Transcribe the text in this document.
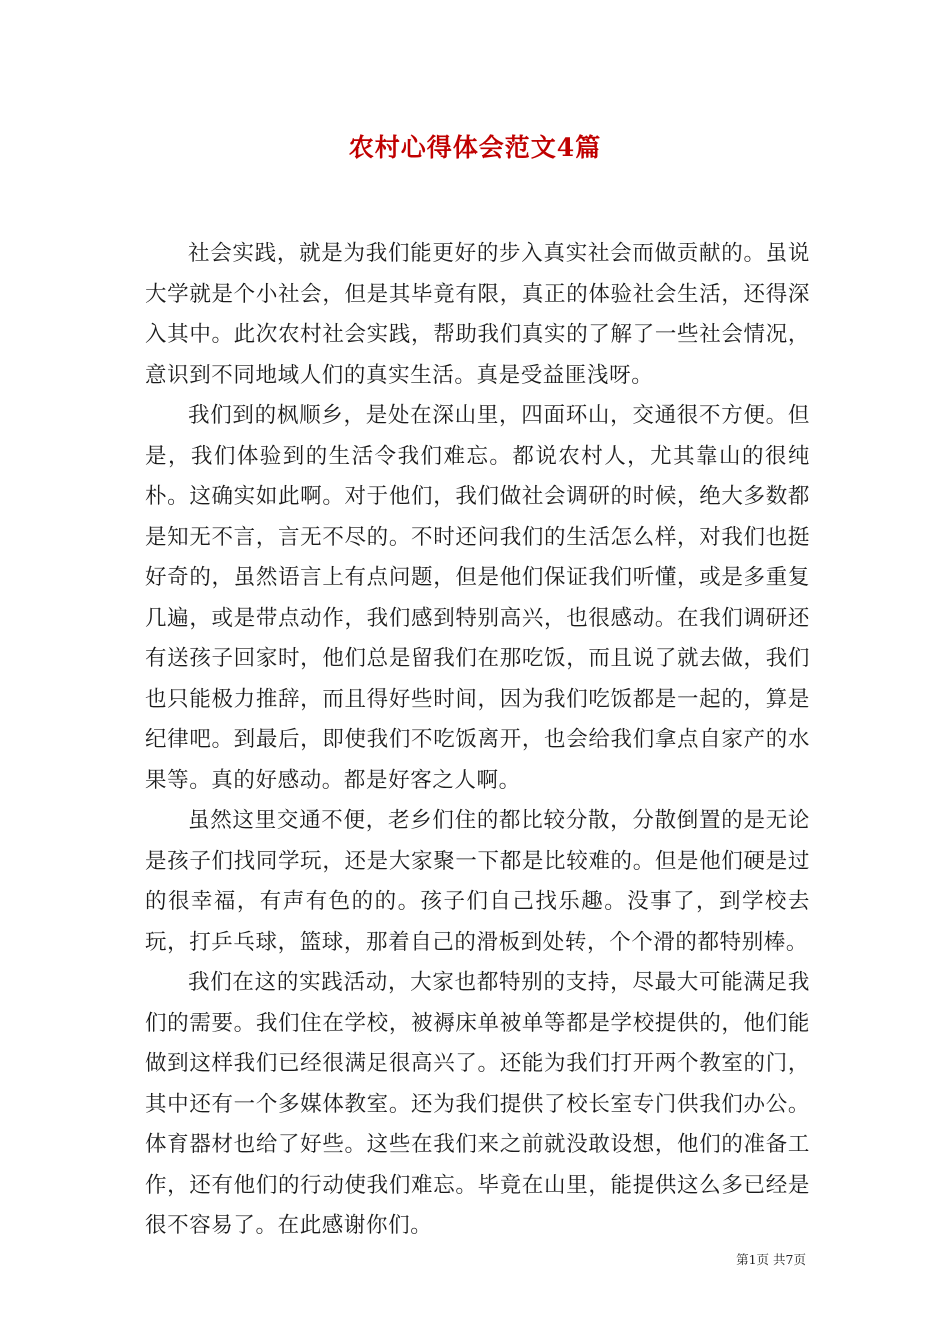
农村心得体会范文4篇

社会实践，就是为我们能更好的步入真实社会而做贡献的。虽说大学就是个小社会，但是其毕竟有限，真正的体验社会生活，还得深入其中。此次农村社会实践，帮助我们真实的了解了一些社会情况，意识到不同地域人们的真实生活。真是受益匪浅呀。

我们到的枫顺乡，是处在深山里，四面环山，交通很不方便。但是，我们体验到的生活令我们难忘。都说农村人，尤其靠山的很纯朴。这确实如此啊。对于他们，我们做社会调研的时候，绝大多数都是知无不言，言无不尽的。不时还问我们的生活怎么样，对我们也挺好奇的，虽然语言上有点问题，但是他们保证我们听懂，或是多重复几遍，或是带点动作，我们感到特别高兴，也很感动。在我们调研还有送孩子回家时，他们总是留我们在那吃饭，而且说了就去做，我们也只能极力推辞，而且得好些时间，因为我们吃饭都是一起的，算是纪律吧。到最后，即使我们不吃饭离开，也会给我们拿点自家产的水果等。真的好感动。都是好客之人啊。

虽然这里交通不便，老乡们住的都比较分散，分散倒置的是无论是孩子们找同学玩，还是大家聚一下都是比较难的。但是他们硬是过的很幸福，有声有色的的。孩子们自己找乐趣。没事了，到学校去玩，打乒乓球，篮球，那着自己的滑板到处转，个个滑的都特别棒。

我们在这的实践活动，大家也都特别的支持，尽最大可能满足我们的需要。我们住在学校，被褥床单被单等都是学校提供的，他们能做到这样我们已经很满足很高兴了。还能为我们打开两个教室的门，其中还有一个多媒体教室。还为我们提供了校长室专门供我们办公。体育器材也给了好些。这些在我们来之前就没敢设想，他们的准备工作，还有他们的行动使我们难忘。毕竟在山里，能提供这么多已经是很不容易了。在此感谢你们。

第1页 共7页
